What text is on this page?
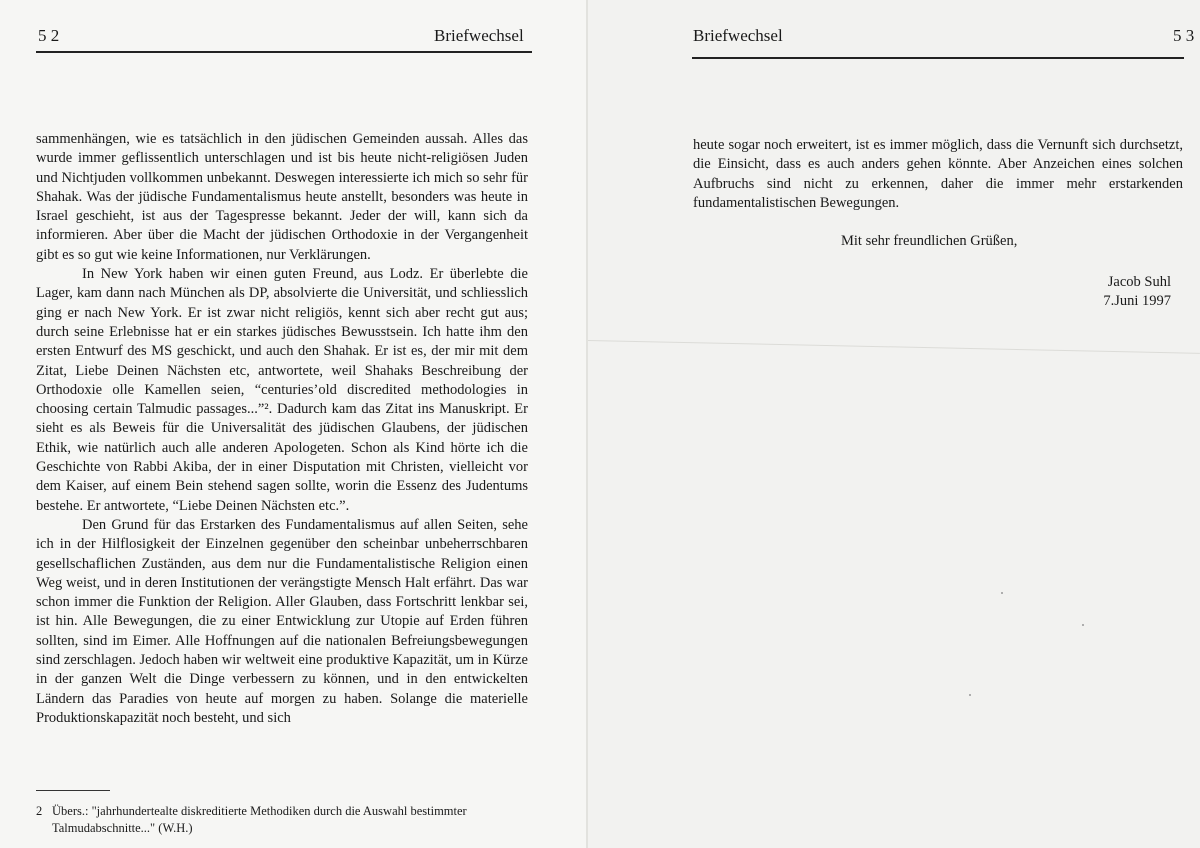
5 2	Briefwechsel

sammenhängen, wie es tatsächlich in den jüdischen Gemeinden aussah. Alles das wurde immer geflissentlich unterschlagen und ist bis heute nicht-religiösen Juden und Nichtjuden vollkommen unbekannt. Deswegen interessierte ich mich so sehr für Shahak. Was der jüdische Fundamentalismus heute anstellt, besonders was heute in Israel geschieht, ist aus der Tagespresse bekannt. Jeder der will, kann sich da informieren. Aber über die Macht der jüdischen Orthodoxie in der Vergangenheit gibt es so gut wie keine Informationen, nur Verklärungen.

In New York haben wir einen guten Freund, aus Lodz. Er überlebte die Lager, kam dann nach München als DP, absolvierte die Universität, und schliesslich ging er nach New York. Er ist zwar nicht religiös, kennt sich aber recht gut aus; durch seine Erlebnisse hat er ein starkes jüdisches Bewusstsein. Ich hatte ihm den ersten Entwurf des MS geschickt, und auch den Shahak. Er ist es, der mir mit dem Zitat, Liebe Deinen Nächsten etc, antwortete, weil Shahaks Beschreibung der Orthodoxie olle Kamellen seien, “centuries’old discredited methodologies in choosing certain Talmudic passages...”². Dadurch kam das Zitat ins Manuskript. Er sieht es als Beweis für die Universalität des jüdischen Glaubens, der jüdischen Ethik, wie natürlich auch alle anderen Apologeten. Schon als Kind hörte ich die Geschichte von Rabbi Akiba, der in einer Disputation mit Christen, vielleicht vor dem Kaiser, auf einem Bein stehend sagen sollte, worin die Essenz des Judentums bestehe. Er antwortete, “Liebe Deinen Nächsten etc.”.

Den Grund für das Erstarken des Fundamentalismus auf allen Seiten, sehe ich in der Hilflosigkeit der Einzelnen gegenüber den scheinbar unbeherrschbaren gesellschaflichen Zuständen, aus dem nur die Fundamentalistische Religion einen Weg weist, und in deren Institutionen der verängstigte Mensch Halt erfährt. Das war schon immer die Funktion der Religion. Aller Glauben, dass Fortschritt lenkbar sei, ist hin. Alle Bewegungen, die zu einer Entwicklung zur Utopie auf Erden führen sollten, sind im Eimer. Alle Hoffnungen auf die nationalen Befreiungsbewegungen sind zerschlagen. Jedoch haben wir weltweit eine produktive Kapazität, um in Kürze in der ganzen Welt die Dinge verbessern zu können, und in den entwickelten Ländern das Paradies von heute auf morgen zu haben. Solange die materielle Produktionskapazität noch besteht, und sich

2 Übers.: "jahrhundertealte diskreditierte Methodiken durch die Auswahl bestimmter Talmudabschnitte..." (W.H.)
Briefwechsel	5 3

heute sogar noch erweitert, ist es immer möglich, dass die Vernunft sich durchsetzt, die Einsicht, dass es auch anders gehen könnte. Aber Anzeichen eines solchen Aufbruchs sind nicht zu erkennen, daher die immer mehr erstarkenden fundamentalistischen Bewegungen.

Mit sehr freundlichen Grüßen,
Jacob Suhl
7.Juni 1997
